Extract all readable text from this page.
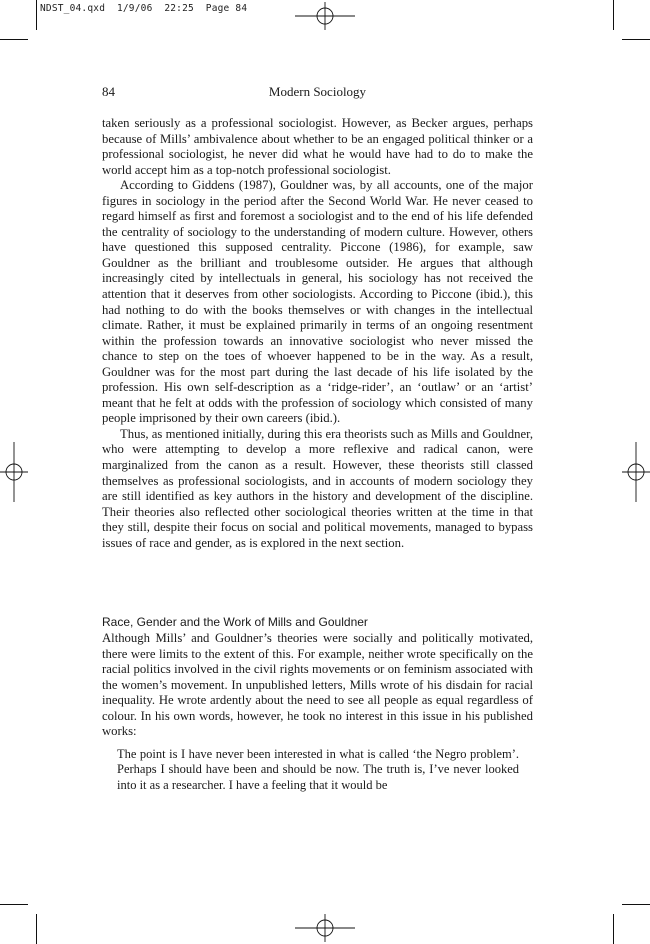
NDST_04.qxd 1/9/06 22:25 Page 84
84	Modern Sociology

taken seriously as a professional sociologist. However, as Becker argues, perhaps because of Mills’ ambivalence about whether to be an engaged political thinker or a professional sociologist, he never did what he would have had to do to make the world accept him as a top-notch professional sociologist.

According to Giddens (1987), Gouldner was, by all accounts, one of the major figures in sociology in the period after the Second World War. He never ceased to regard himself as first and foremost a sociologist and to the end of his life defended the centrality of sociology to the understanding of modern culture. However, others have questioned this supposed centrality. Piccone (1986), for example, saw Gouldner as the brilliant and troublesome outsider. He argues that although increasingly cited by intellectuals in general, his sociology has not received the attention that it deserves from other sociologists. According to Piccone (ibid.), this had nothing to do with the books themselves or with changes in the intellectual climate. Rather, it must be explained primarily in terms of an ongoing resentment within the profession towards an innovative sociologist who never missed the chance to step on the toes of whoever happened to be in the way. As a result, Gouldner was for the most part during the last decade of his life isolated by the profession. His own self-description as a ‘ridge-rider’, an ‘outlaw’ or an ‘artist’ meant that he felt at odds with the profession of sociology which consisted of many people imprisoned by their own careers (ibid.).

Thus, as mentioned initially, during this era theorists such as Mills and Gouldner, who were attempting to develop a more reflexive and radical canon, were marginalized from the canon as a result. However, these theorists still classed themselves as professional sociologists, and in accounts of modern sociology they are still identified as key authors in the history and development of the discipline. Their theories also reflected other sociological theories written at the time in that they still, despite their focus on social and political movements, managed to bypass issues of race and gender, as is explored in the next section.

Race, Gender and the Work of Mills and Gouldner

Although Mills’ and Gouldner’s theories were socially and politically motivated, there were limits to the extent of this. For example, neither wrote specifically on the racial politics involved in the civil rights movements or on feminism associated with the women’s movement. In unpublished letters, Mills wrote of his disdain for racial inequality. He wrote ardently about the need to see all people as equal regardless of colour. In his own words, however, he took no interest in this issue in his published works:

The point is I have never been interested in what is called ‘the Negro problem’. Perhaps I should have been and should be now. The truth is, I’ve never looked into it as a researcher. I have a feeling that it would be
